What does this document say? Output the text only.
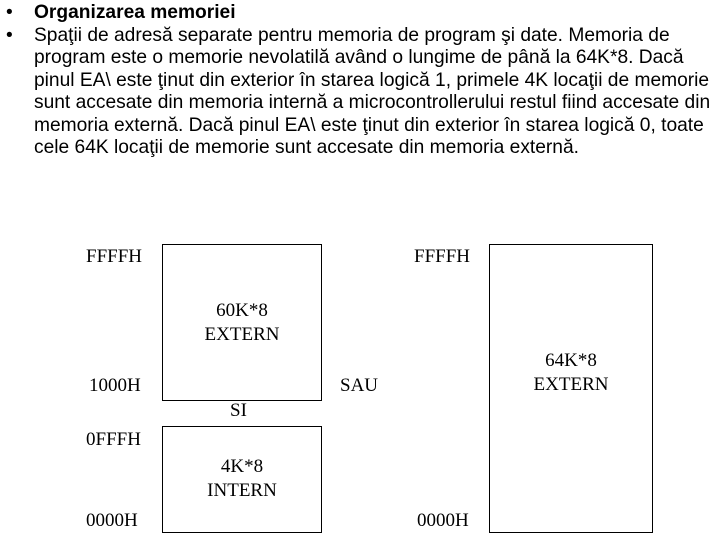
• Organizarea memoriei
• Spaţii de adresă separate pentru memoria de program şi date. Memoria de program este o memorie nevolatilă având o lungime de până la 64K*8. Dacă pinul EA\ este ţinut din exterior în starea logică 1, primele 4K locaţii de memorie sunt accesate din memoria internă a microcontrollerului restul fiind accesate din memoria externă. Dacă pinul EA\ este ţinut din exterior în starea logică 0, toate cele 64K locaţii de memorie sunt accesate din memoria externă.
FFFFH
1000H
0FFFH
0000H
60K*8
EXTERN
SI
4K*8
INTERN
SAU
FFFFH
0000H
64K*8
EXTERN
